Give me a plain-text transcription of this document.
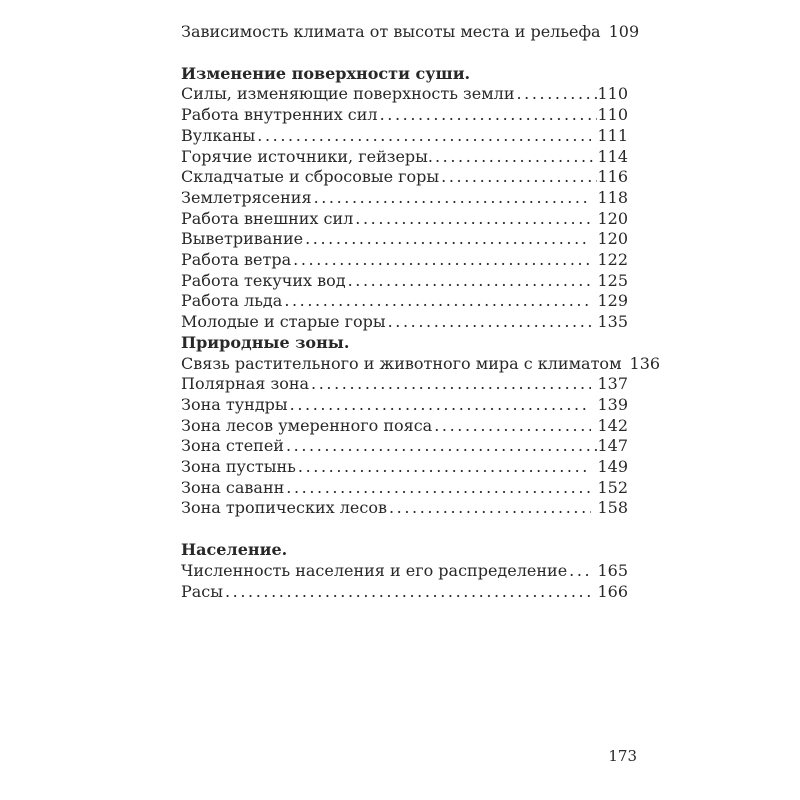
Зависимость климата от высоты места и рельефа ..... 109
Изменение поверхности суши.
Силы, изменяющие поверхность земли .....	110
Работа внутренних сил .....	110
Вулканы .....	111
Горячие источники, гейзеры. .....	114
Складчатые и сбросовые горы .....	116
Землетрясения .....	118
Работа внешних сил .....	120
Выветривание .....	120
Работа ветра .....	122
Работа текучих вод .....	125
Работа льда .....	129
Молодые и старые горы .....	135
Природные зоны.
Связь растительного и животного мира с климатом ..... 136
Полярная зона .....	137
Зона тундры .....	139
Зона лесов умеренного пояса .....	142
Зона степей .....	147
Зона пустынь .....	149
Зона саванн .....	152
Зона тропических лесов .....	158
Население.
Численность населения и его распределение .....	165
Расы .....	166
173
